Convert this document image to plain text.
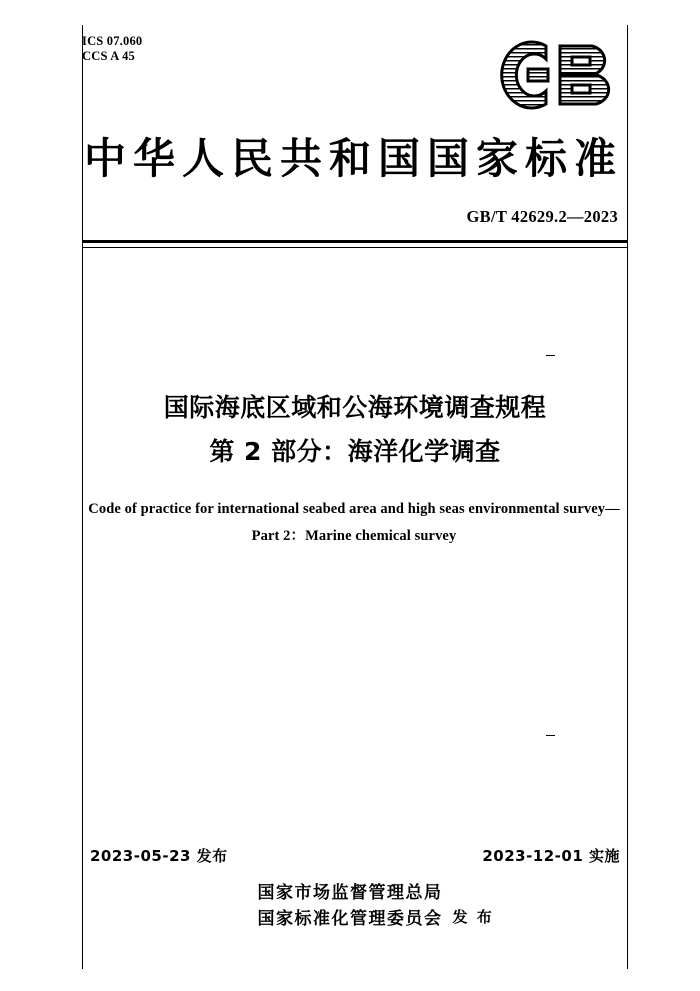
ICS 07.060
CCS A 45
中华人民共和国国家标准
GB/T 42629.2—2023
国际海底区域和公海环境调查规程
第 2 部分：海洋化学调查
Code of practice for international seabed area and high seas environmental survey—
Part 2：Marine chemical survey
2023-05-23 发布	2023-12-01 实施
国家市场监督管理总局
国家标准化管理委员会 发 布
